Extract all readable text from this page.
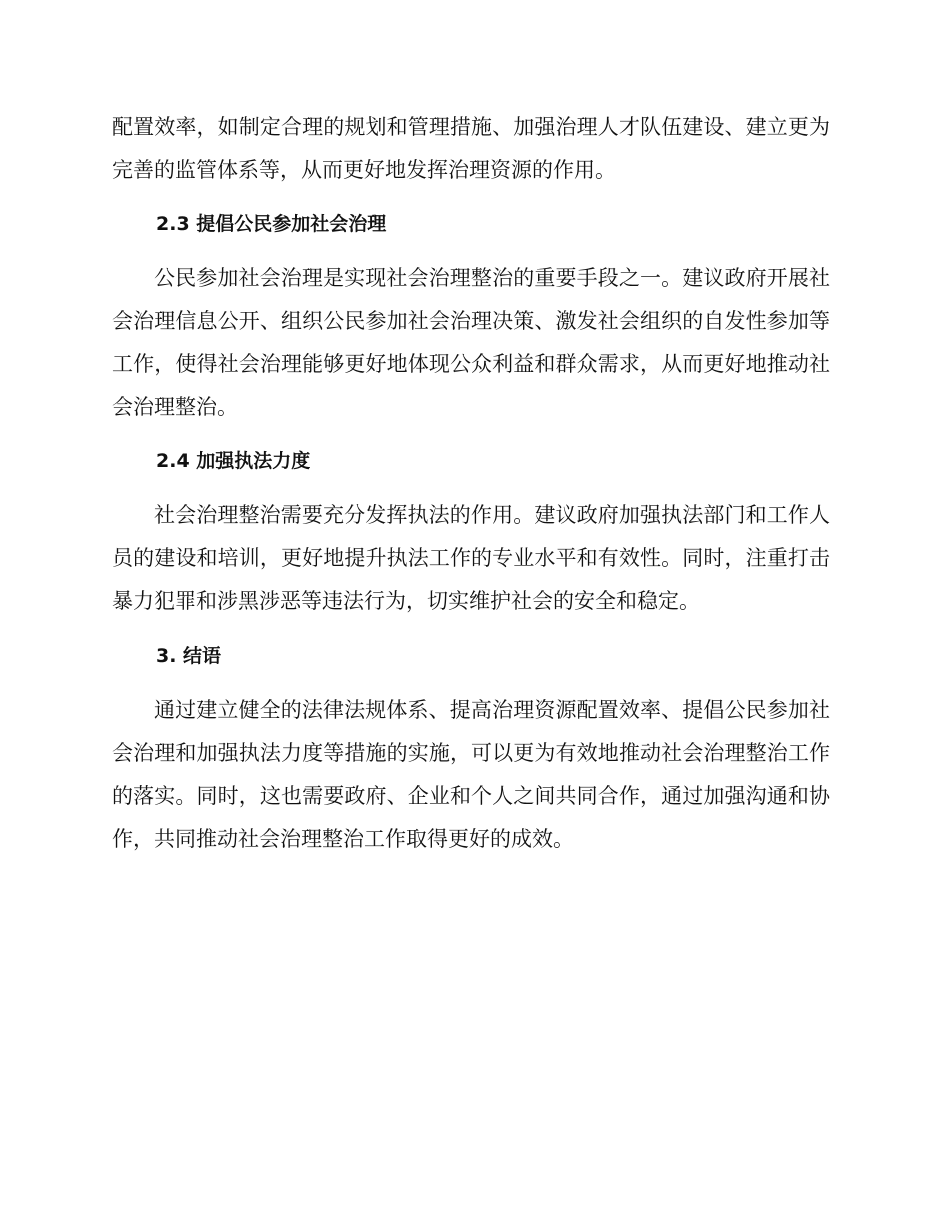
配置效率，如制定合理的规划和管理措施、加强治理人才队伍建设、建立更为完善的监管体系等，从而更好地发挥治理资源的作用。

2.3 提倡公民参加社会治理

公民参加社会治理是实现社会治理整治的重要手段之一。建议政府开展社会治理信息公开、组织公民参加社会治理决策、激发社会组织的自发性参加等工作，使得社会治理能够更好地体现公众利益和群众需求，从而更好地推动社会治理整治。

2.4 加强执法力度

社会治理整治需要充分发挥执法的作用。建议政府加强执法部门和工作人员的建设和培训，更好地提升执法工作的专业水平和有效性。同时，注重打击暴力犯罪和涉黑涉恶等违法行为，切实维护社会的安全和稳定。

3. 结语

通过建立健全的法律法规体系、提高治理资源配置效率、提倡公民参加社会治理和加强执法力度等措施的实施，可以更为有效地推动社会治理整治工作的落实。同时，这也需要政府、企业和个人之间共同合作，通过加强沟通和协作，共同推动社会治理整治工作取得更好的成效。
